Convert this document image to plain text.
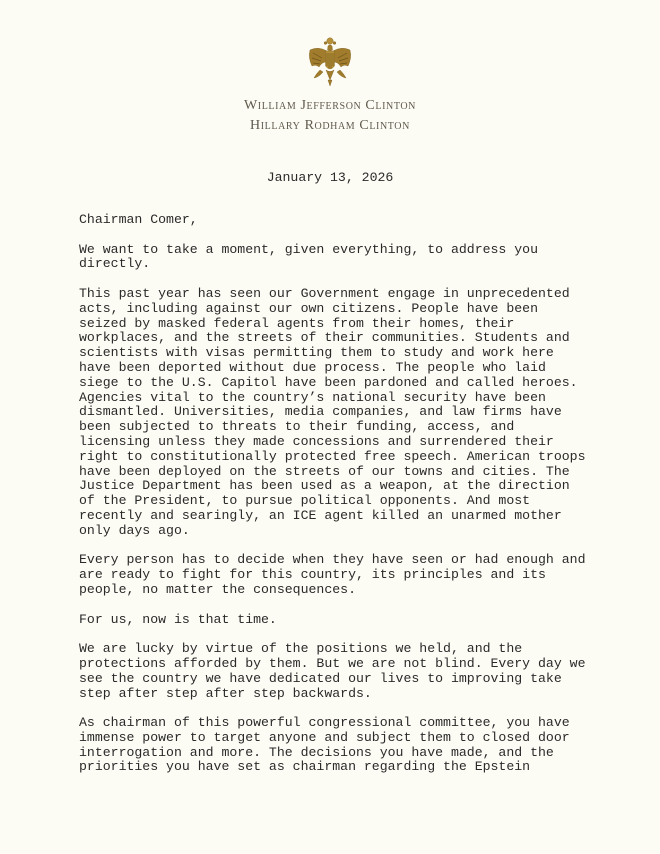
William Jefferson Clinton
Hillary Rodham Clinton
January 13, 2026
Chairman Comer,
We want to take a moment, given everything, to address you
directly.
This past year has seen our Government engage in unprecedented
acts, including against our own citizens. People have been
seized by masked federal agents from their homes, their
workplaces, and the streets of their communities. Students and
scientists with visas permitting them to study and work here
have been deported without due process. The people who laid
siege to the U.S. Capitol have been pardoned and called heroes.
Agencies vital to the country’s national security have been
dismantled. Universities, media companies, and law firms have
been subjected to threats to their funding, access, and
licensing unless they made concessions and surrendered their
right to constitutionally protected free speech. American troops
have been deployed on the streets of our towns and cities. The
Justice Department has been used as a weapon, at the direction
of the President, to pursue political opponents. And most
recently and searingly, an ICE agent killed an unarmed mother
only days ago.
Every person has to decide when they have seen or had enough and
are ready to fight for this country, its principles and its
people, no matter the consequences.
For us, now is that time.
We are lucky by virtue of the positions we held, and the
protections afforded by them. But we are not blind. Every day we
see the country we have dedicated our lives to improving take
step after step after step backwards.
As chairman of this powerful congressional committee, you have
immense power to target anyone and subject them to closed door
interrogation and more. The decisions you have made, and the
priorities you have set as chairman regarding the Epstein
